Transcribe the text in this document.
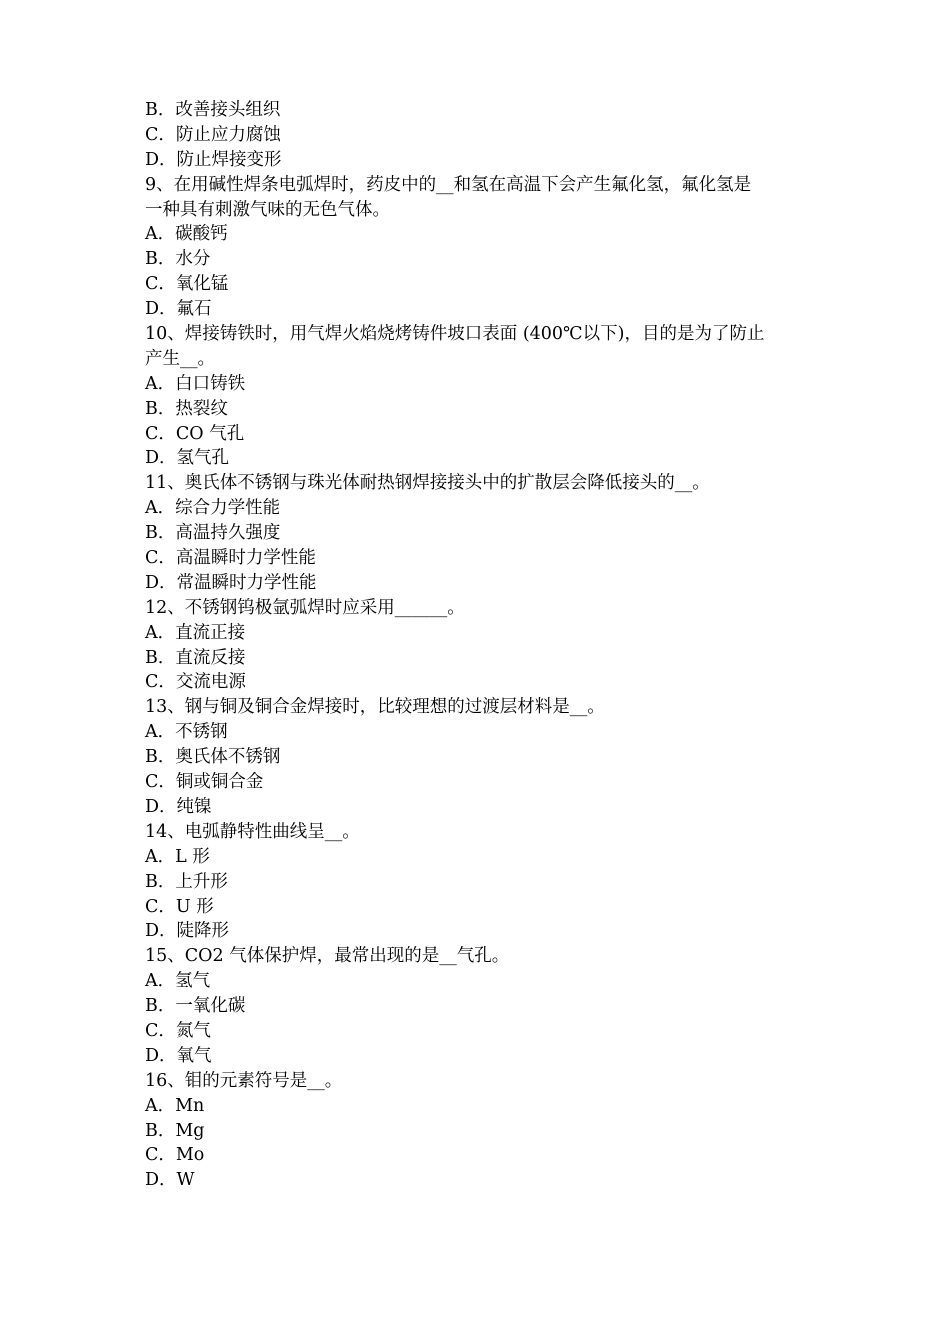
B．改善接头组织
C．防止应力腐蚀
D．防止焊接变形
9、在用碱性焊条电弧焊时，药皮中的__和氢在高温下会产生氟化氢，氟化氢是
一种具有刺激气味的无色气体。
A．碳酸钙
B．水分
C．氧化锰
D．氟石
10、焊接铸铁时，用气焊火焰烧烤铸件坡口表面 (400℃以下)，目的是为了防止
产生__。
A．白口铸铁
B．热裂纹
C．CO 气孔
D．氢气孔
11、奥氏体不锈钢与珠光体耐热钢焊接接头中的扩散层会降低接头的__。
A．综合力学性能
B．高温持久强度
C．高温瞬时力学性能
D．常温瞬时力学性能
12、不锈钢钨极氩弧焊时应采用______。
A．直流正接
B．直流反接
C．交流电源
13、钢与铜及铜合金焊接时，比较理想的过渡层材料是__。
A．不锈钢
B．奥氏体不锈钢
C．铜或铜合金
D．纯镍
14、电弧静特性曲线呈__。
A．L 形
B．上升形
C．U 形
D．陡降形
15、CO2 气体保护焊，最常出现的是__气孔。
A．氢气
B．一氧化碳
C．氮气
D．氧气
16、钼的元素符号是__。
A．Mn
B．Mg
C．Mo
D．W
